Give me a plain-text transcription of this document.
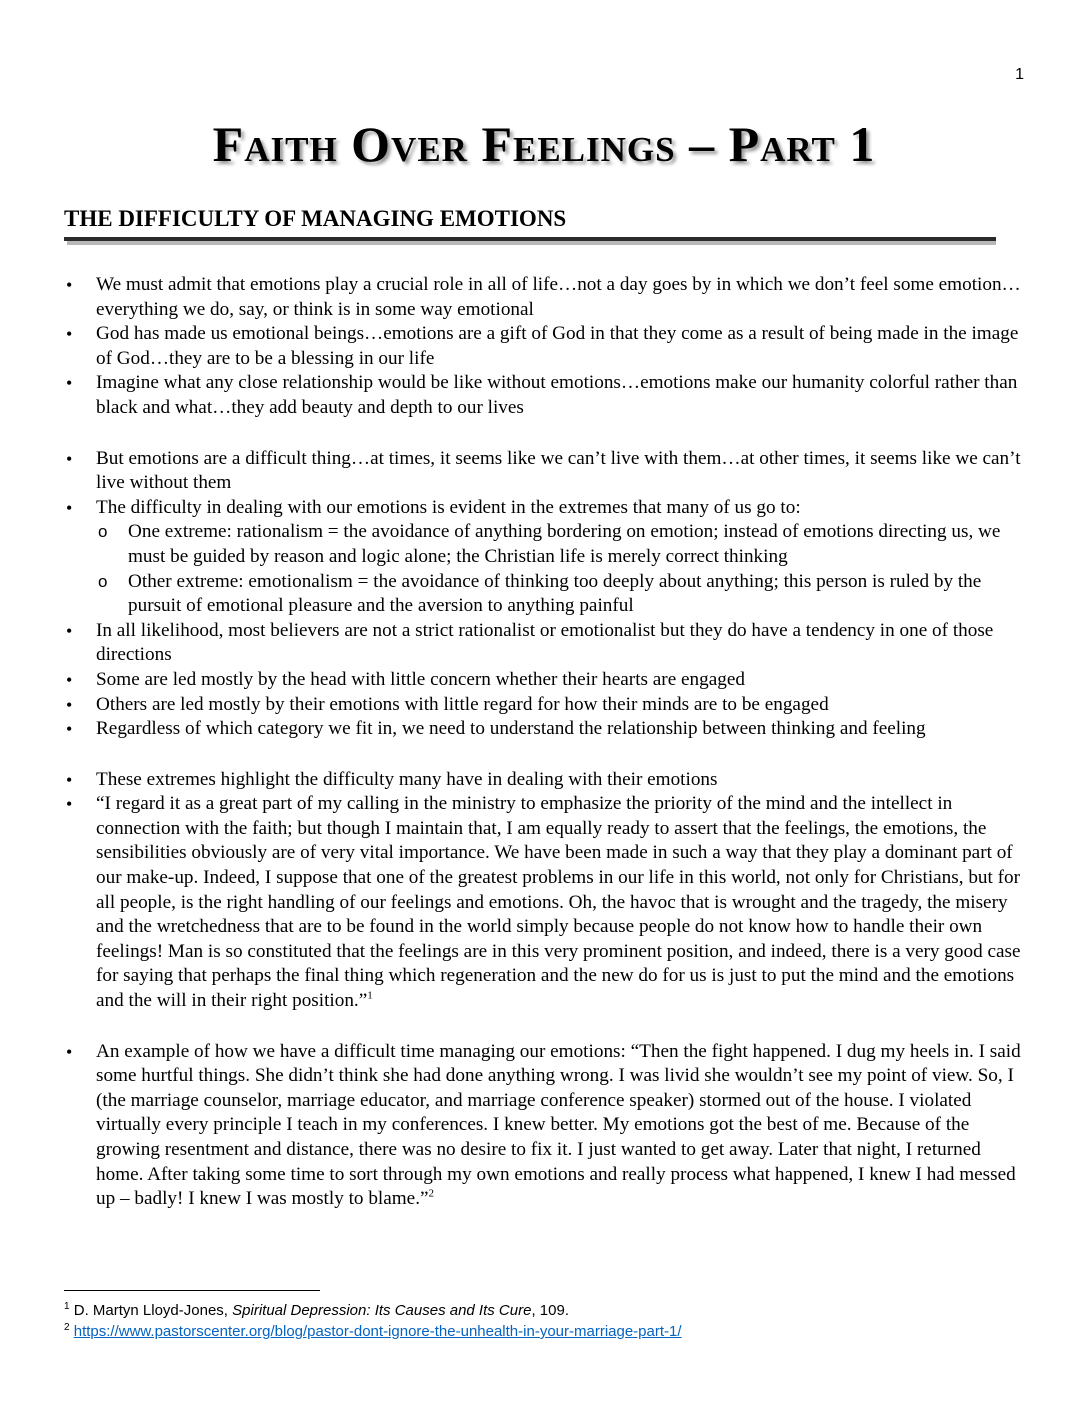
1
Faith Over Feelings – Part 1
THE DIFFICULTY OF MANAGING EMOTIONS
• We must admit that emotions play a crucial role in all of life…not a day goes by in which we don’t feel some emotion…everything we do, say, or think is in some way emotional
• God has made us emotional beings…emotions are a gift of God in that they come as a result of being made in the image of God…they are to be a blessing in our life
• Imagine what any close relationship would be like without emotions…emotions make our humanity colorful rather than black and what…they add beauty and depth to our lives
• But emotions are a difficult thing…at times, it seems like we can’t live with them…at other times, it seems like we can’t live without them
• The difficulty in dealing with our emotions is evident in the extremes that many of us go to:
o One extreme: rationalism = the avoidance of anything bordering on emotion; instead of emotions directing us, we must be guided by reason and logic alone; the Christian life is merely correct thinking
o Other extreme: emotionalism = the avoidance of thinking too deeply about anything; this person is ruled by the pursuit of emotional pleasure and the aversion to anything painful
• In all likelihood, most believers are not a strict rationalist or emotionalist but they do have a tendency in one of those directions
• Some are led mostly by the head with little concern whether their hearts are engaged
• Others are led mostly by their emotions with little regard for how their minds are to be engaged
• Regardless of which category we fit in, we need to understand the relationship between thinking and feeling
• These extremes highlight the difficulty many have in dealing with their emotions
• “I regard it as a great part of my calling in the ministry to emphasize the priority of the mind and the intellect in connection with the faith; but though I maintain that, I am equally ready to assert that the feelings, the emotions, the sensibilities obviously are of very vital importance. We have been made in such a way that they play a dominant part of our make-up. Indeed, I suppose that one of the greatest problems in our life in this world, not only for Christians, but for all people, is the right handling of our feelings and emotions. Oh, the havoc that is wrought and the tragedy, the misery and the wretchedness that are to be found in the world simply because people do not know how to handle their own feelings! Man is so constituted that the feelings are in this very prominent position, and indeed, there is a very good case for saying that perhaps the final thing which regeneration and the new do for us is just to put the mind and the emotions and the will in their right position.”$^1$
• An example of how we have a difficult time managing our emotions: “Then the fight happened. I dug my heels in. I said some hurtful things. She didn’t think she had done anything wrong. I was livid she wouldn’t see my point of view. So, I (the marriage counselor, marriage educator, and marriage conference speaker) stormed out of the house. I violated virtually every principle I teach in my conferences. I knew better. My emotions got the best of me. Because of the growing resentment and distance, there was no desire to fix it. I just wanted to get away. Later that night, I returned home. After taking some time to sort through my own emotions and really process what happened, I knew I had messed up – badly! I knew I was mostly to blame.”$^2$
$^1$ D. Martyn Lloyd-Jones, Spiritual Depression: Its Causes and Its Cure, 109.
$^2$ https://www.pastorscenter.org/blog/pastor-dont-ignore-the-unhealth-in-your-marriage-part-1/
